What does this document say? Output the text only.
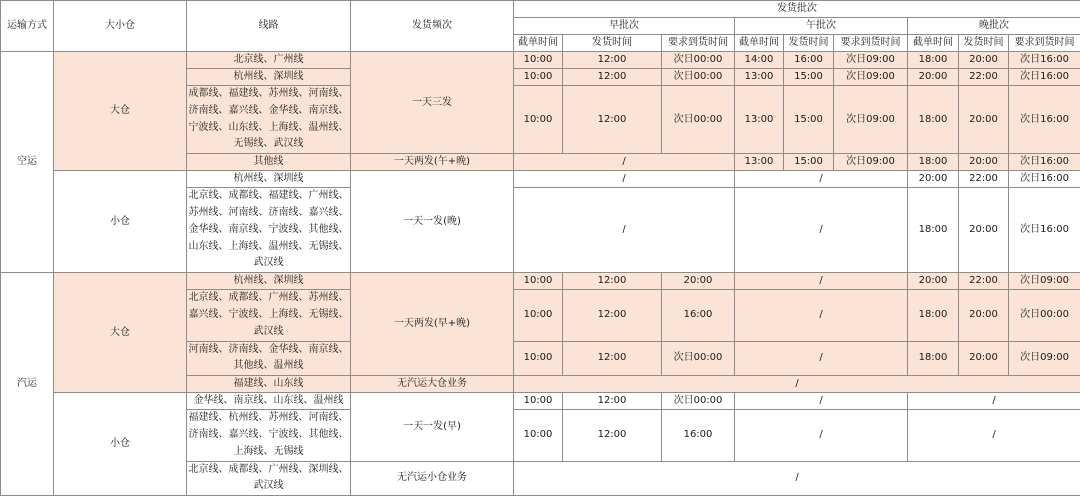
运输方式	大小仓	线路	发货频次	发货批次								
				早批次			午批次			晚批次		
				截单时间	发货时间	要求到货时间	截单时间	发货时间	要求到货时间	截单时间	发货时间	要求到货时间
空运	大仓	北京线、广州线	一天三发	10:00	12:00	次日00:00	14:00	16:00	次日09:00	18:00	20:00	次日16:00
		杭州线、深圳线		10:00	12:00	次日00:00	13:00	15:00	次日09:00	20:00	22:00	次日16:00
		成都线、福建线、苏州线、河南线、济南线、嘉兴线、金华线、南京线、宁波线、山东线、上海线、温州线、无锡线、武汉线		10:00	12:00	次日00:00	13:00	15:00	次日09:00	18:00	20:00	次日16:00
		其他线	一天两发(午+晚)	/			13:00	15:00	次日09:00	18:00	20:00	次日16:00
	小仓	杭州线、深圳线	一天一发(晚)	/			/			20:00	22:00	次日16:00
		北京线、成都线、福建线、广州线、苏州线、河南线、济南线、嘉兴线、金华线、南京线、宁波线、其他线、山东线、上海线、温州线、无锡线、武汉线		/			/			18:00	20:00	次日16:00
汽运	大仓	杭州线、深圳线	一天两发(早+晚)	10:00	12:00	20:00	/			20:00	22:00	次日09:00
		北京线、成都线、广州线、苏州线、嘉兴线、宁波线、上海线、无锡线、武汉线		10:00	12:00	16:00	/			18:00	20:00	次日00:00
		河南线、济南线、金华线、南京线、其他线、温州线		10:00	12:00	次日00:00	/			18:00	20:00	次日09:00
		福建线、山东线	无汽运大仓业务	/								
	小仓	金华线、南京线、山东线、温州线	一天一发(早)	10:00	12:00	次日00:00	/			/		
		福建线、杭州线、苏州线、河南线、济南线、嘉兴线、宁波线、其他线、上海线、无锡线		10:00	12:00	16:00	/			/		
		北京线、成都线、广州线、深圳线、武汉线	无汽运小仓业务	/								
